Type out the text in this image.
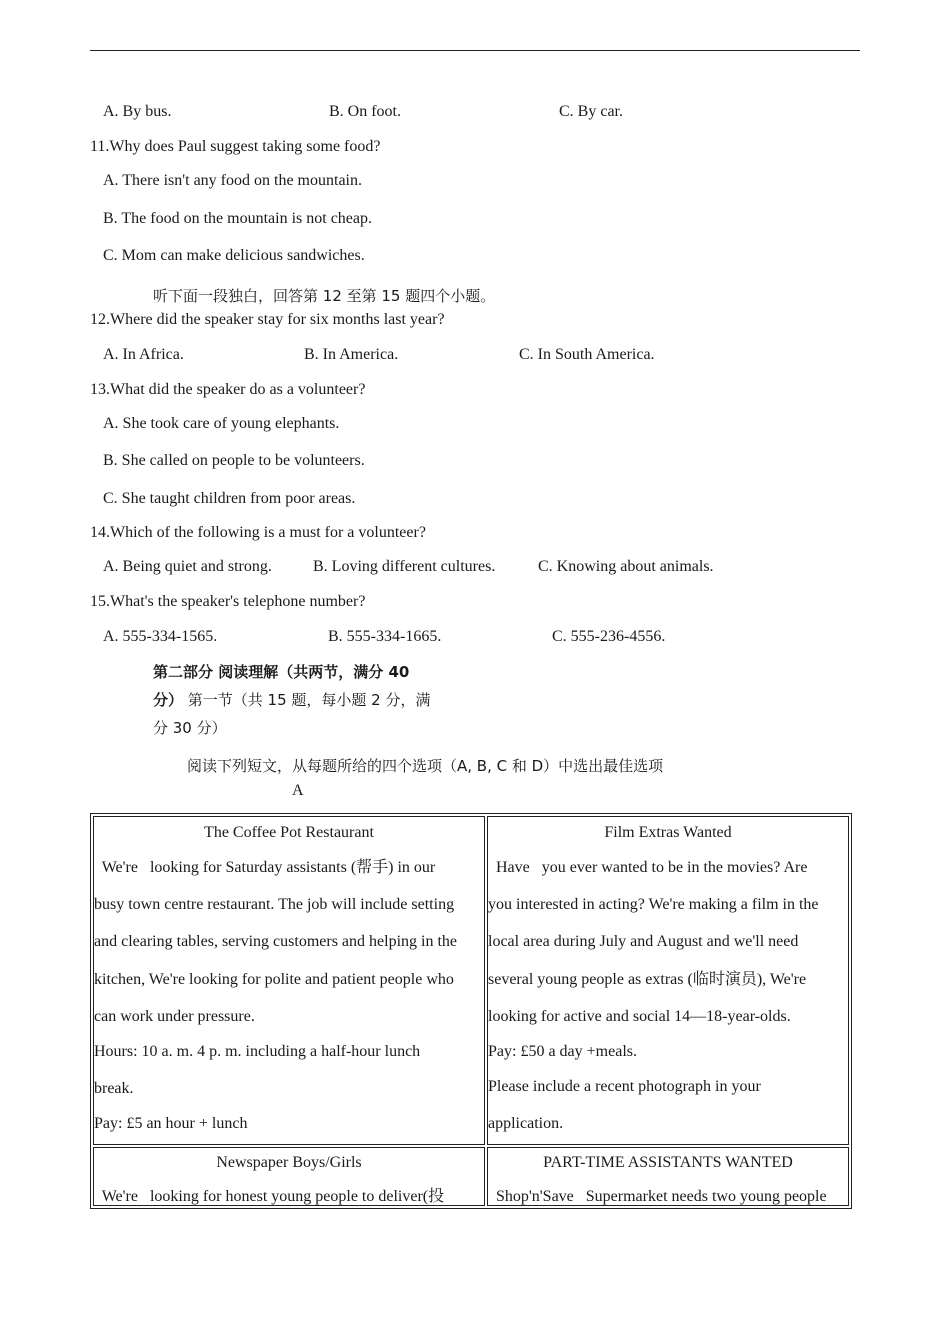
A. By bus.	B. On foot.	C. By car.
11.Why does Paul suggest taking some food?
A. There isn't any food on the mountain.
B. The food on the mountain is not cheap.
C. Mom can make delicious sandwiches.
听下面一段独白，回答第 12 至第 15 题四个小题。
12.Where did the speaker stay for six months last year?
A. In Africa.	B. In America.	C. In South America.
13.What did the speaker do as a volunteer?
A. She took care of young elephants.
B. She called on people to be volunteers.
C. She taught children from poor areas.
14.Which of the following is a must for a volunteer?
A. Being quiet and strong.	B. Loving different cultures.	C. Knowing about animals.
15.What's the speaker's telephone number?
A. 555-334-1565.	B. 555-334-1665.	C. 555-236-4556.
第二部分 阅读理解（共两节，满分 40
分） 第一节（共 15 题，每小题 2 分，满
分 30 分）
阅读下列短文，从每题所给的四个选项（A, B, C 和 D）中选出最佳选项
A
The Coffee Pot Restaurant
We're   looking for Saturday assistants (帮手) in our
busy town centre restaurant. The job will include setting
and clearing tables, serving customers and helping in the
kitchen, We're looking for polite and patient people who
can work under pressure.
Hours: 10 a. m. 4 p. m. including a half-hour lunch
break.
Pay: £5 an hour + lunch
Film Extras Wanted
Have   you ever wanted to be in the movies? Are
you interested in acting? We're making a film in the
local area during July and August and we'll need
several young people as extras (临时演员), We're
looking for active and social 14—18-year-olds.
Pay: £50 a day +meals.
Please include a recent photograph in your
application.
Newspaper Boys/Girls
We're   looking for honest young people to deliver(投
PART-TIME ASSISTANTS WANTED
Shop'n'Save   Supermarket needs two young people
